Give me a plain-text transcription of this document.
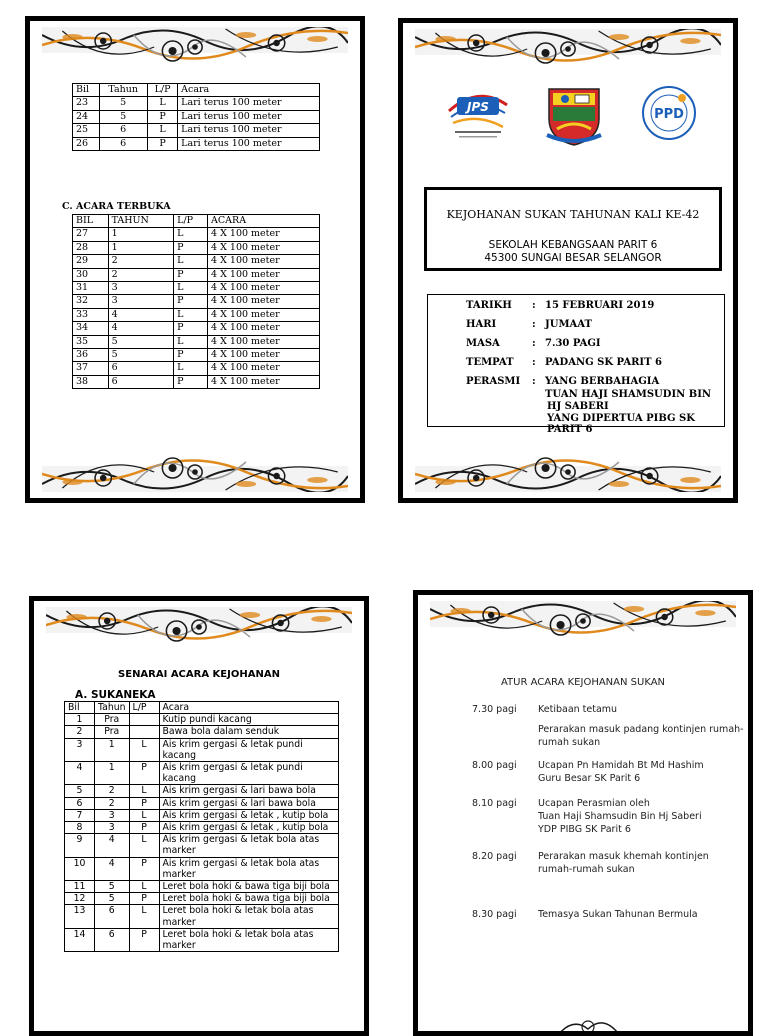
Bil	Tahun	L/P	Acara
23	5	L	Lari terus 100 meter
24	5	P	Lari terus 100 meter
25	6	L	Lari terus 100 meter
26	6	P	Lari terus 100 meter
C. ACARA TERBUKA
BIL	TAHUN	L/P	ACARA
27	1	L	4 X 100 meter
28	1	P	4 X 100 meter
29	2	L	4 X 100 meter
30	2	P	4 X 100 meter
31	3	L	4 X 100 meter
32	3	P	4 X 100 meter
33	4	L	4 X 100 meter
34	4	P	4 X 100 meter
35	5	L	4 X 100 meter
36	5	P	4 X 100 meter
37	6	L	4 X 100 meter
38	6	P	4 X 100 meter
JPS	PPD
KEJOHANAN SUKAN TAHUNAN KALI KE-42
SEKOLAH KEBANGSAAN PARIT 6
45300 SUNGAI BESAR SELANGOR
TARIKH : 15 FEBRUARI 2019
HARI	: JUMAAT
MASA	: 7.30 PAGI
TEMPAT : PADANG SK PARIT 6
PERASMI : YANG BERBAHAGIA
TUAN HAJI SHAMSUDIN BIN
HJ SABERI
YANG DIPERTUA PIBG SK PARIT 6
SENARAI ACARA KEJOHANAN
A. SUKANEKA
Bil	Tahun	L/P	Acara
1	Pra		Kutip pundi kacang
2	Pra		Bawa bola dalam senduk
3	1	L	Ais krim gergasi & letak pundi kacang
4	1	P	Ais krim gergasi & letak pundi kacang
5	2	L	Ais krim gergasi & lari bawa bola
6	2	P	Ais krim gergasi & lari bawa bola
7	3	L	Ais krim gergasi & letak , kutip bola
8	3	P	Ais krim gergasi & letak , kutip bola
9	4	L	Ais krim gergasi & letak bola atas marker
10	4	P	Ais krim gergasi & letak bola atas marker
11	5	L	Leret bola hoki & bawa tiga biji bola
12	5	P	Leret bola hoki & bawa tiga biji bola
13	6	L	Leret bola hoki & letak bola atas marker
14	6	P	Leret bola hoki & letak bola atas marker
ATUR ACARA KEJOHANAN SUKAN
7.30 pagi Ketibaan tetamu
Perarakan masuk padang kontinjen rumah-
rumah sukan
8.00 pagi Ucapan Pn Hamidah Bt Md Hashim
Guru Besar SK Parit 6
8.10 pagi Ucapan Perasmian oleh
Tuan Haji Shamsudin Bin Hj Saberi
YDP PIBG SK Parit 6
8.20 pagi Perarakan masuk khemah kontinjen
rumah-rumah sukan
8.30 pagi Temasya Sukan Tahunan Bermula
